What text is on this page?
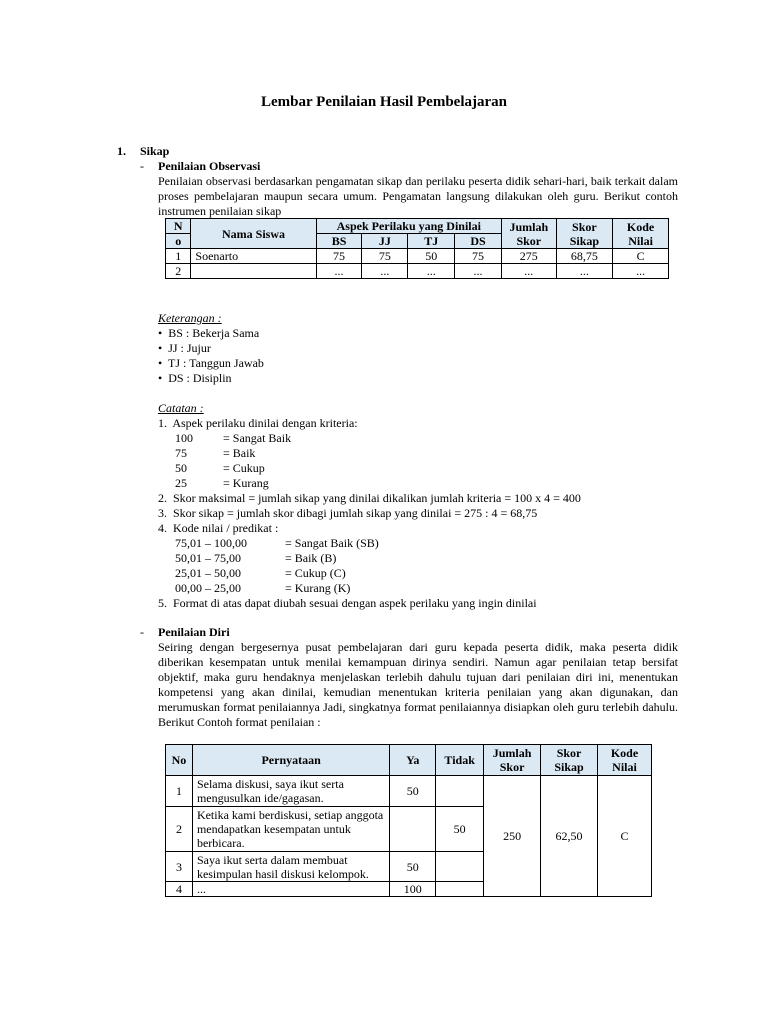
Lembar Penilaian Hasil Pembelajaran
1. Sikap
- Penilaian Observasi
Penilaian observasi berdasarkan pengamatan sikap dan perilaku peserta didik sehari-hari, baik terkait dalam proses pembelajaran maupun secara umum. Pengamatan langsung dilakukan oleh guru. Berikut contoh instrumen penilaian sikap
N	Nama Siswa	Aspek Perilaku yang Dinilai				Jumlah Skor	Skor Sikap	Kode Nilai
o		BS	JJ	TJ	DS			
1	Soenarto	75	75	50	75	275	68,75	C
2		...	...	...	...	...	...	...
Keterangan :
• BS : Bekerja Sama
• JJ : Jujur
• TJ : Tanggun Jawab
• DS : Disiplin
Catatan :
1. Aspek perilaku dinilai dengan kriteria:
100	= Sangat Baik
75	= Baik
50	= Cukup
25	= Kurang
2. Skor maksimal = jumlah sikap yang dinilai dikalikan jumlah kriteria = 100 x 4 = 400
3. Skor sikap = jumlah skor dibagi jumlah sikap yang dinilai = 275 : 4 = 68,75
4. Kode nilai / predikat :
75,01 – 100,00	= Sangat Baik (SB)
50,01 – 75,00	= Baik (B)
25,01 – 50,00	= Cukup (C)
00,00 – 25,00	= Kurang (K)
5. Format di atas dapat diubah sesuai dengan aspek perilaku yang ingin dinilai
- Penilaian Diri
Seiring dengan bergesernya pusat pembelajaran dari guru kepada peserta didik, maka peserta didik diberikan kesempatan untuk menilai kemampuan dirinya sendiri. Namun agar penilaian tetap bersifat objektif, maka guru hendaknya menjelaskan terlebih dahulu tujuan dari penilaian diri ini, menentukan kompetensi yang akan dinilai, kemudian menentukan kriteria penilaian yang akan digunakan, dan merumuskan format penilaiannya Jadi, singkatnya format penilaiannya disiapkan oleh guru terlebih dahulu. Berikut Contoh format penilaian :
No	Pernyataan	Ya	Tidak	Jumlah Skor	Skor Sikap	Kode Nilai
1	Selama diskusi, saya ikut serta mengusulkan ide/gagasan.	50		250	62,50	C
2	Ketika kami berdiskusi, setiap anggota mendapatkan kesempatan untuk berbicara.		50			
3	Saya ikut serta dalam membuat kesimpulan hasil diskusi kelompok.	50				
4	...	100				
